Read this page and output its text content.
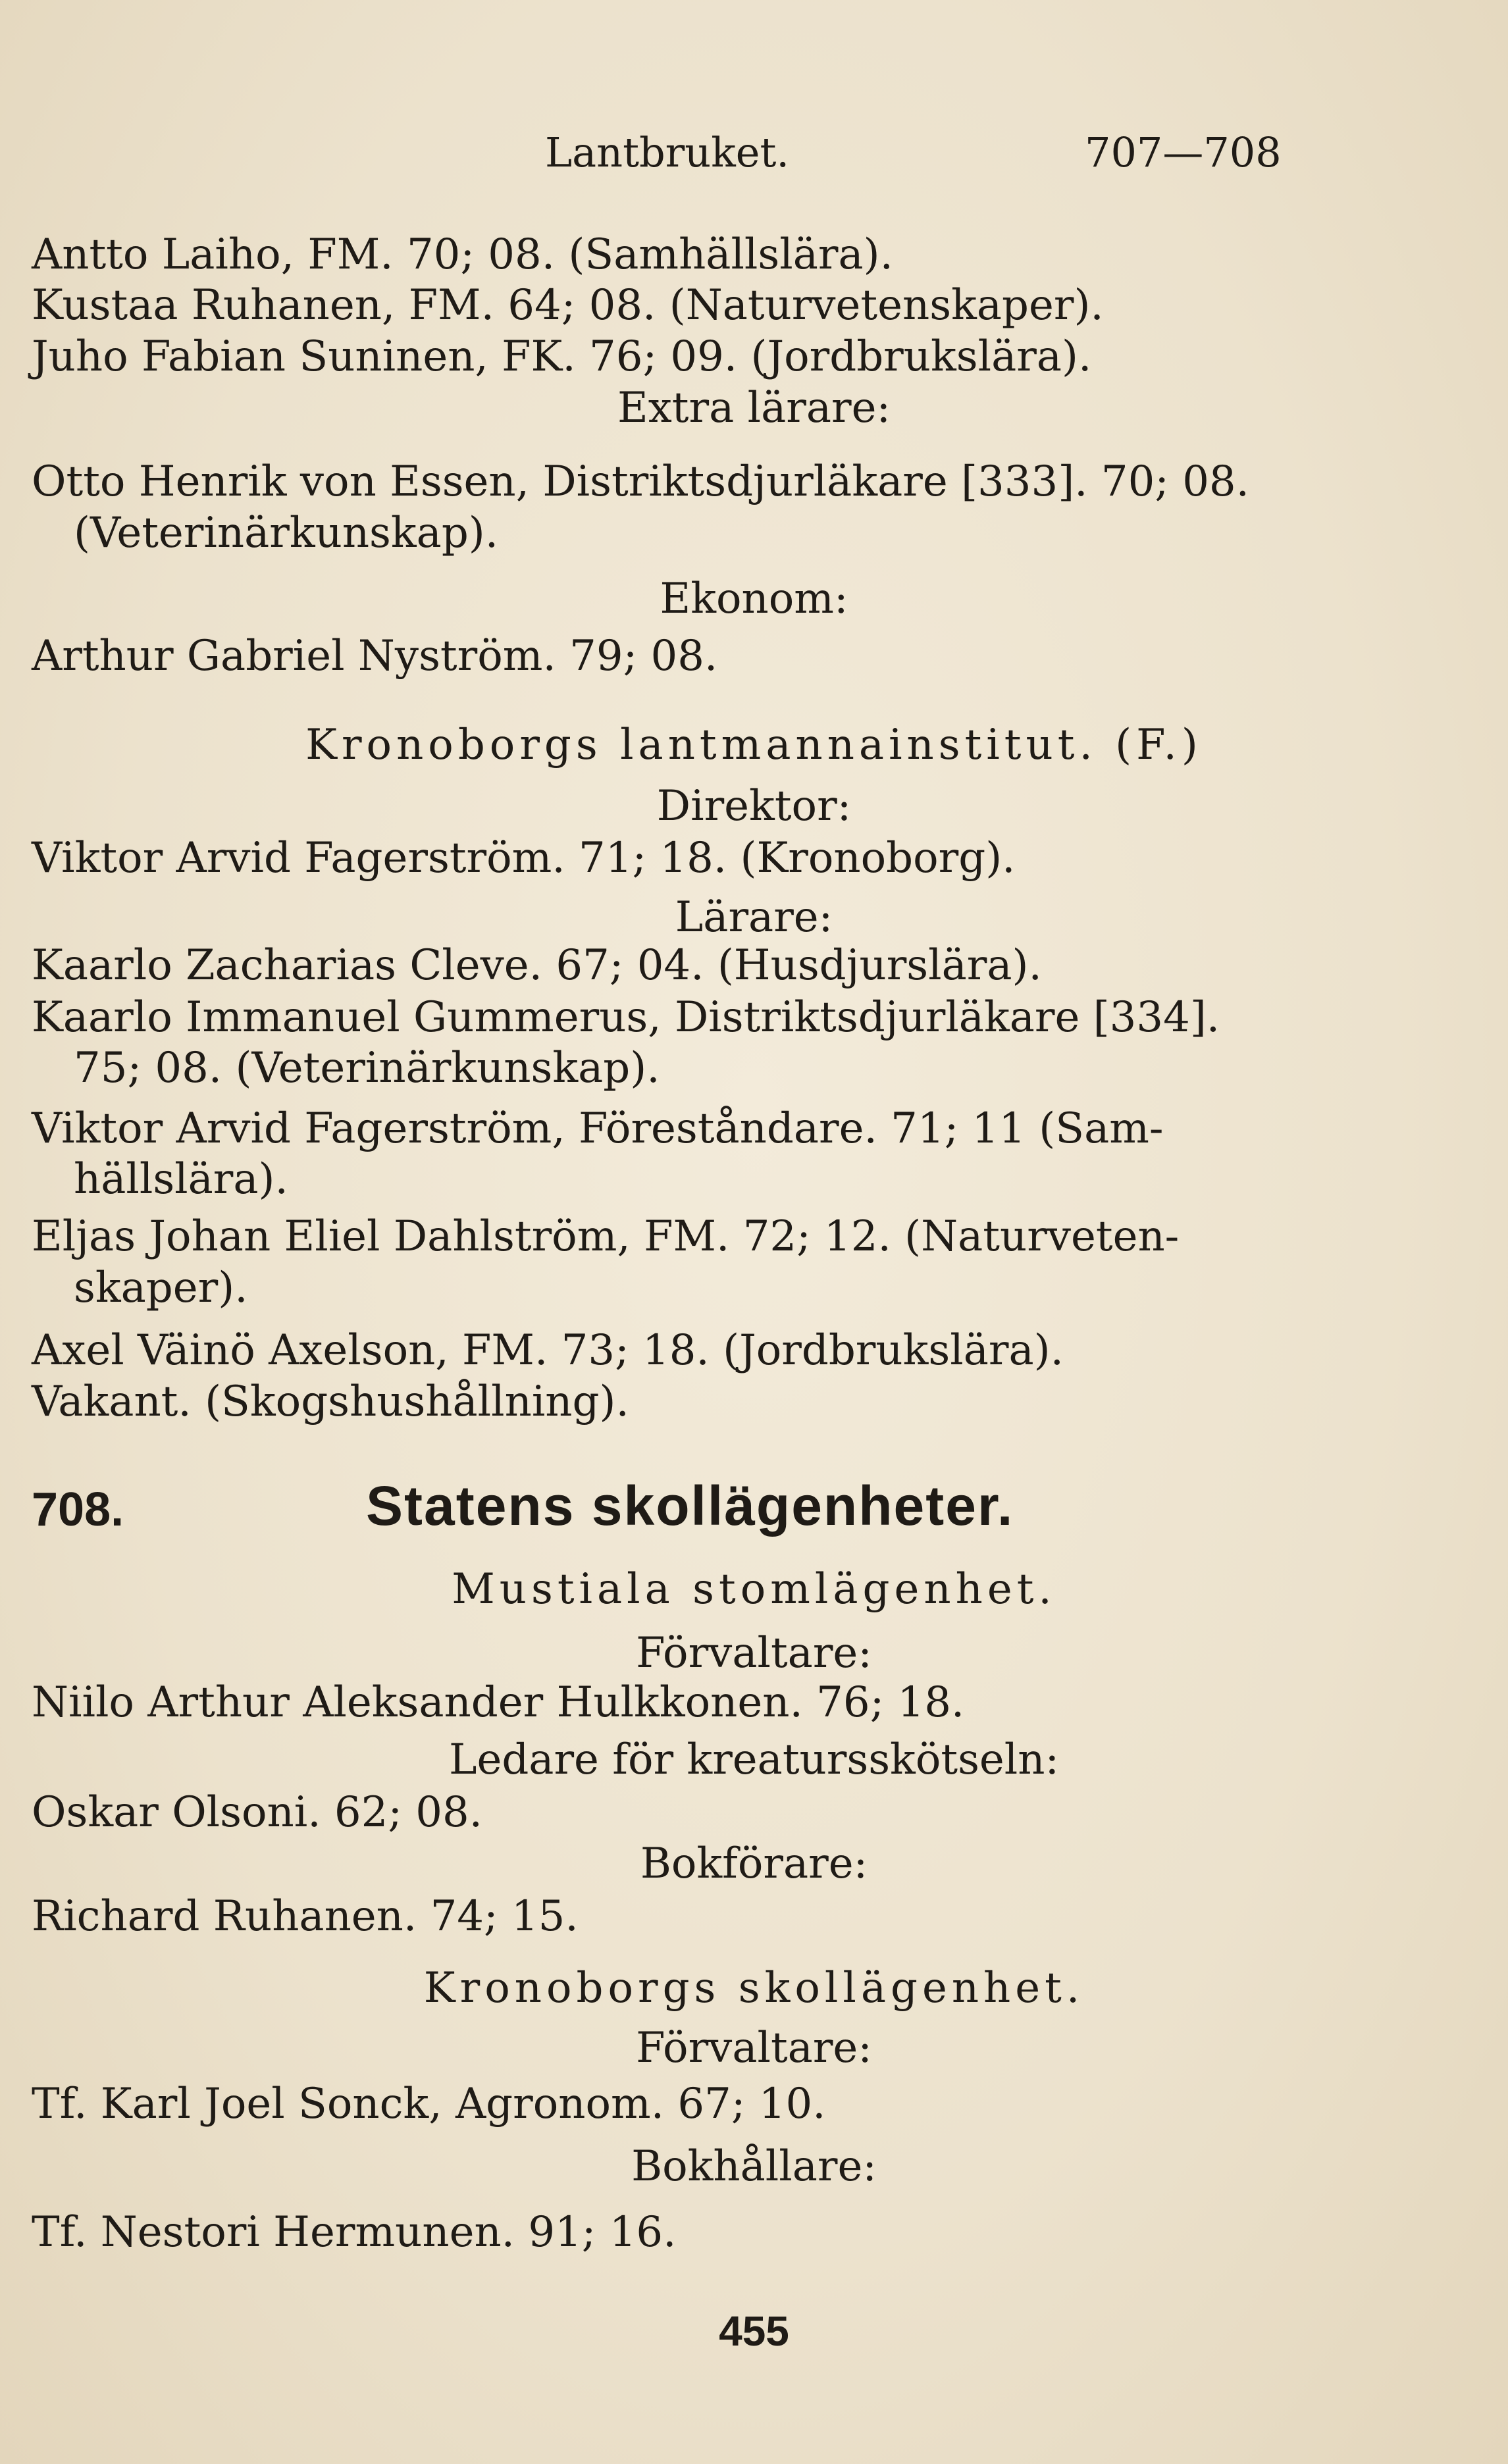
Lantbruket.	707—708
Antto Laiho, FM. 70; 08. (Samhällslära).
Kustaa Ruhanen, FM. 64; 08. (Naturvetenskaper).
Juho Fabian Suninen, FK. 76; 09. (Jordbrukslära).
Extra lärare:
Otto Henrik von Essen, Distriktsdjurläkare [333]. 70; 08.
(Veterinärkunskap).
Ekonom:
Arthur Gabriel Nyström. 79; 08.
Kronoborgs lantmannainstitut. (F.)
Direktor:
Viktor Arvid Fagerström. 71; 18. (Kronoborg).
Lärare:
Kaarlo Zacharias Cleve. 67; 04. (Husdjurslära).
Kaarlo Immanuel Gummerus, Distriktsdjurläkare [334].
75; 08. (Veterinärkunskap).
Viktor Arvid Fagerström, Föreståndare. 71; 11 (Sam-
hällslära).
Eljas Johan Eliel Dahlström, FM. 72; 12. (Naturveten-
skaper).
Axel Väinö Axelson, FM. 73; 18. (Jordbrukslära).
Vakant. (Skogshushållning).
708.	Statens skollägenheter.
Mustiala stomlägenhet.
Förvaltare:
Niilo Arthur Aleksander Hulkkonen. 76; 18.
Ledare för kreatursskötseln:
Oskar Olsoni. 62; 08.
Bokförare:
Richard Ruhanen. 74; 15.
Kronoborgs skollägenhet.
Förvaltare:
Tf. Karl Joel Sonck, Agronom. 67; 10.
Bokhållare:
Tf. Nestori Hermunen. 91; 16.
455
